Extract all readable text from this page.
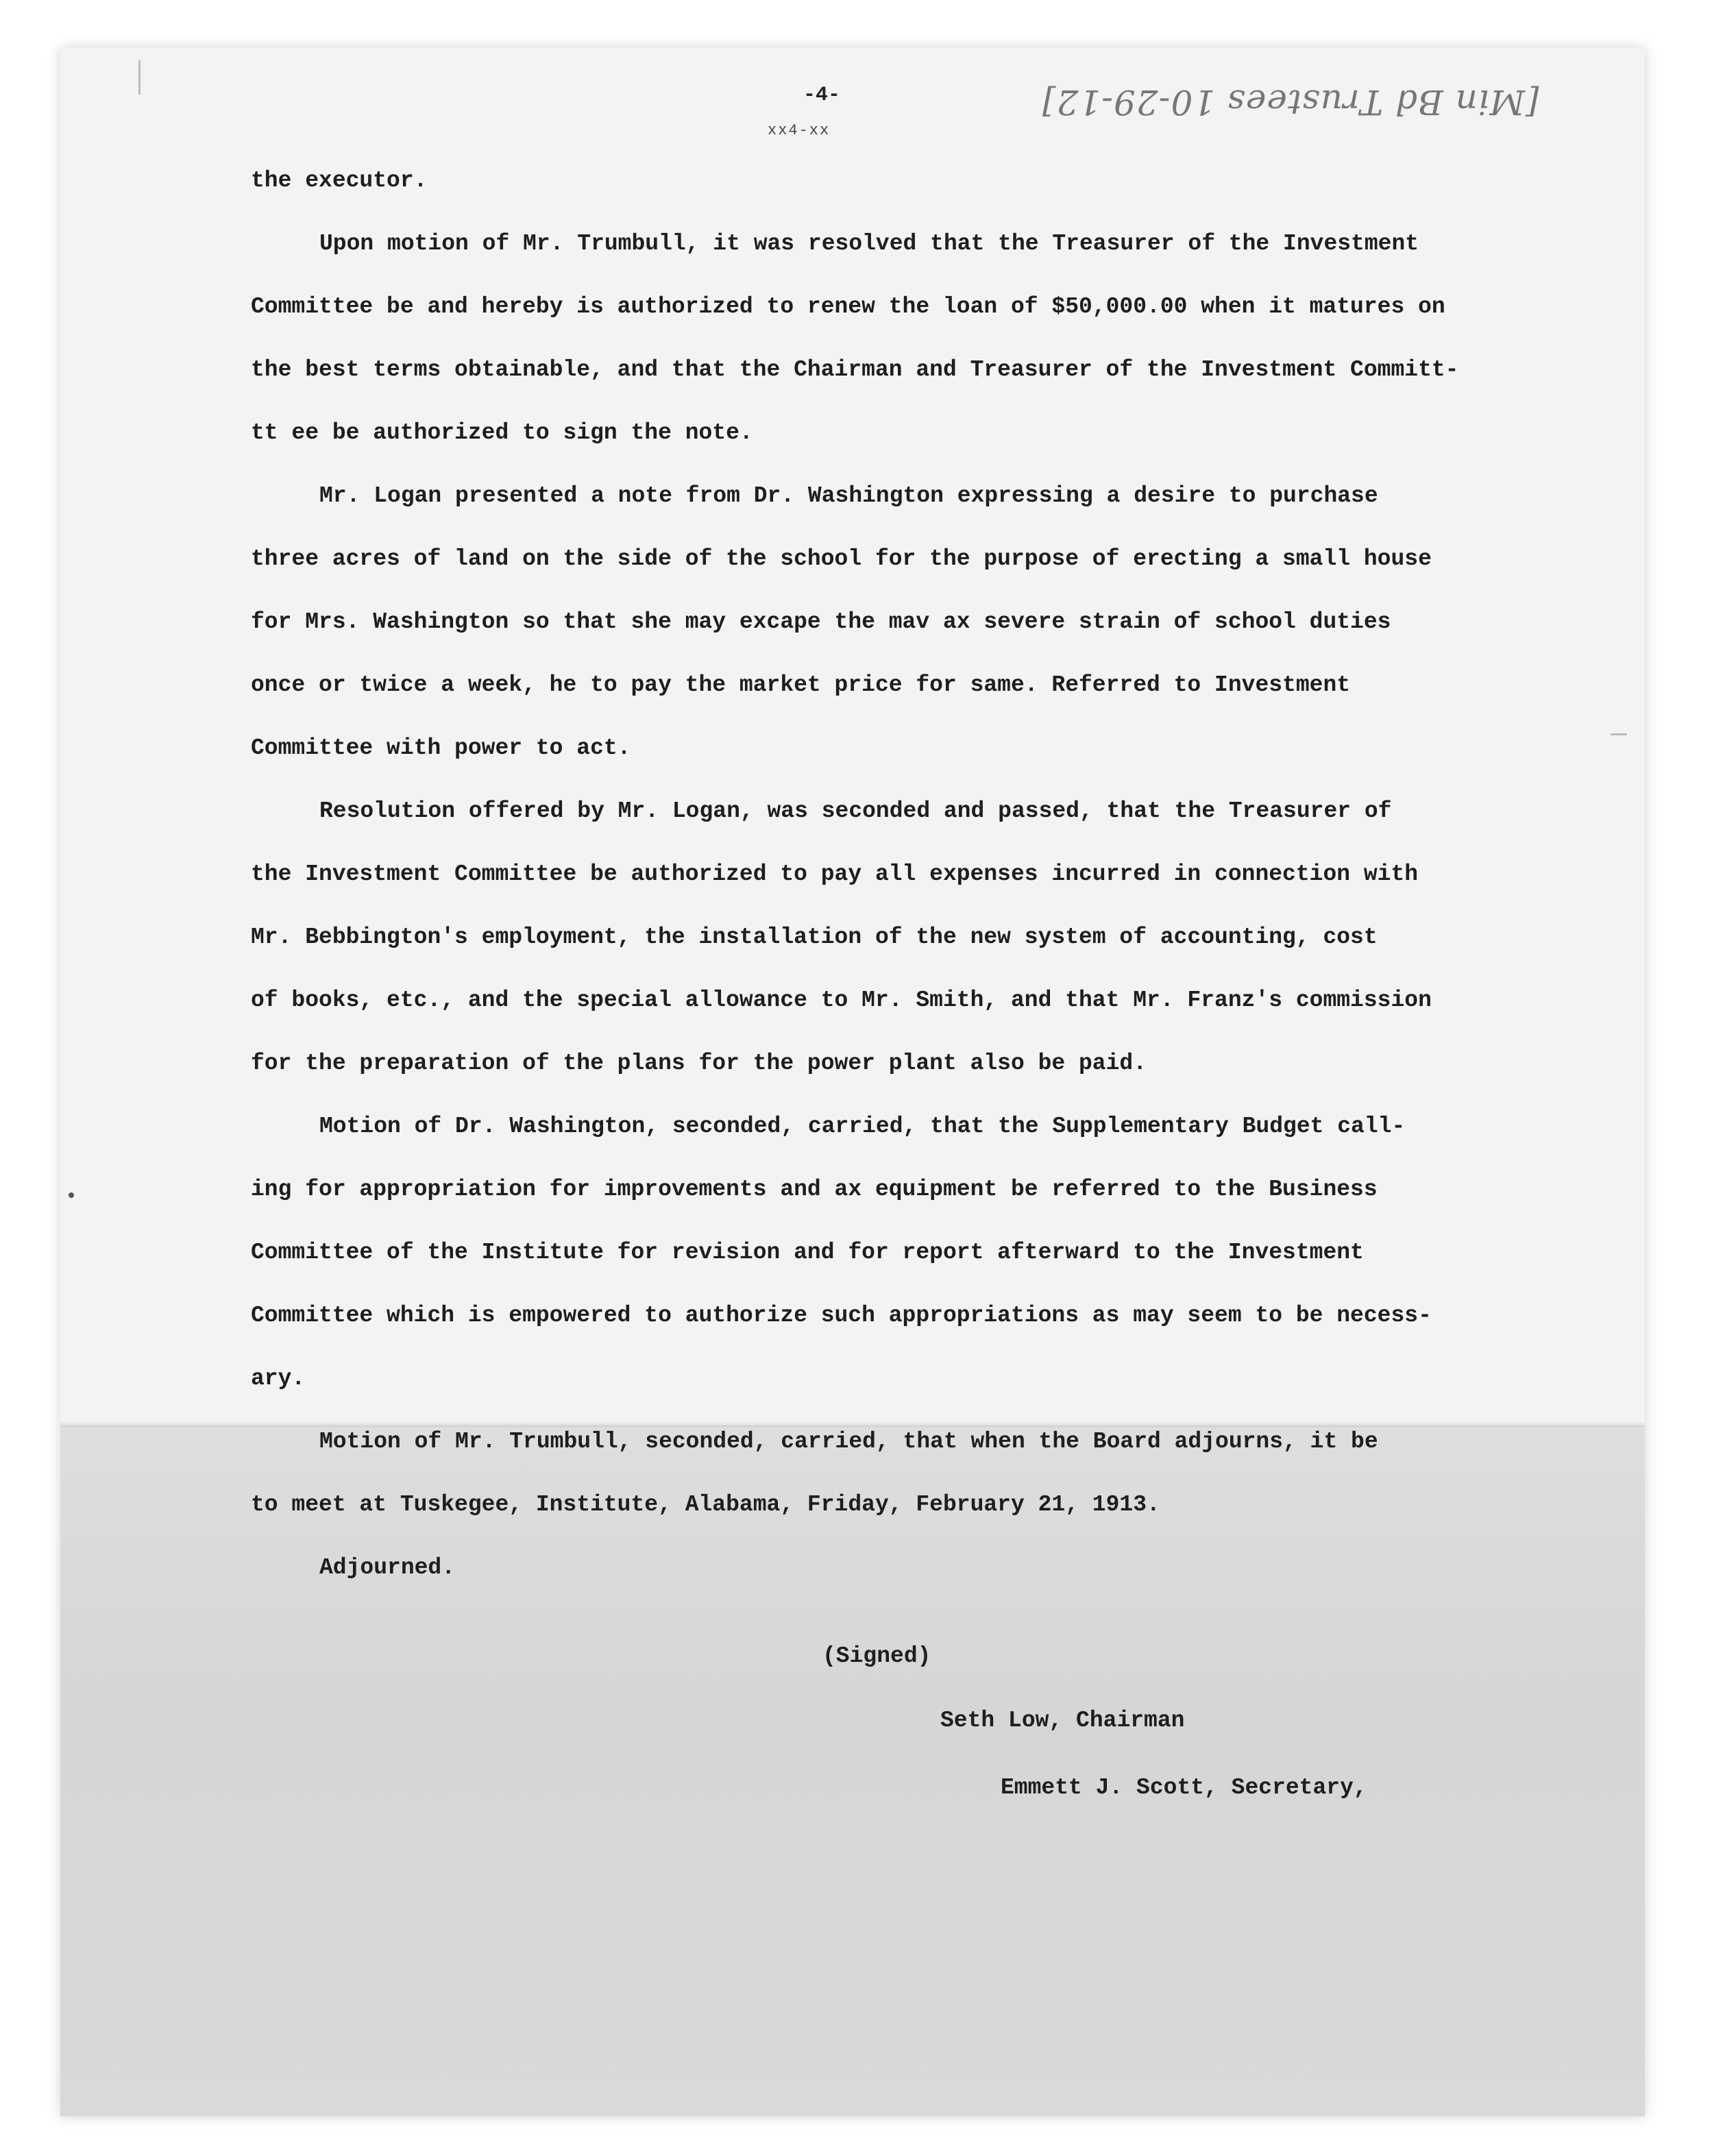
-4-
xx4-xx
[Min Bd Trustees 10-29-12]

the executor.

Upon motion of Mr. Trumbull, it was resolved that the Treasurer of the Investment

Committee be and hereby is authorized to renew the loan of $50,000.00 when it matures on

the best terms obtainable, and that the Chairman and Treasurer of the Investment Committ-

tt ee be authorized to sign the note.

Mr. Logan presented a note from Dr. Washington expressing a desire to purchase

three acres of land on the side of the school for the purpose of erecting a small house

for Mrs. Washington so that she may excape the mav ax severe strain of school duties

once or twice a week, he to pay the market price for same. Referred to Investment

Committee with power to act.

Resolution offered by Mr. Logan, was seconded and passed, that the Treasurer of

the Investment Committee be authorized to pay all expenses incurred in connection with

Mr. Bebbington's employment, the installation of the new system of accounting, cost

of books, etc., and the special allowance to Mr. Smith, and that Mr. Franz's commission

for the preparation of the plans for the power plant also be paid.

Motion of Dr. Washington, seconded, carried, that the Supplementary Budget call-

ing for appropriation for improvements and ax equipment be referred to the Business

Committee of the Institute for revision and for report afterward to the Investment

Committee which is empowered to authorize such appropriations as may seem to be necess-

ary.

Motion of Mr. Trumbull, seconded, carried, that when the Board adjourns, it be

to meet at Tuskegee, Institute, Alabama, Friday, February 21, 1913.

Adjourned.

(Signed)
Seth Low, Chairman
Emmett J. Scott, Secretary,
